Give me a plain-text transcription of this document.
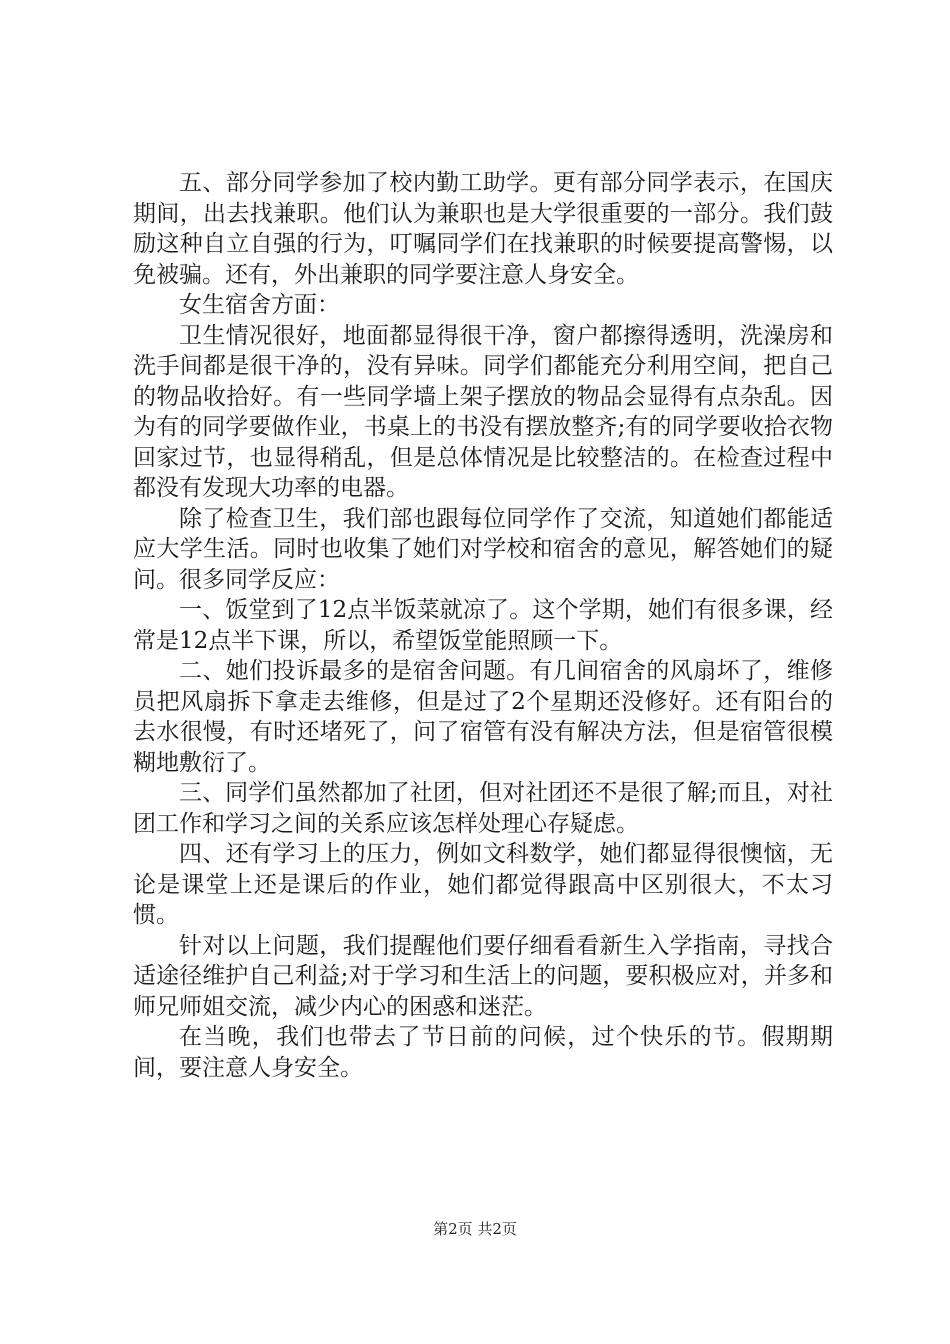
五、部分同学参加了校内勤工助学。更有部分同学表示，在国庆期间，出去找兼职。他们认为兼职也是大学很重要的一部分。我们鼓励这种自立自强的行为，叮嘱同学们在找兼职的时候要提高警惕，以免被骗。还有，外出兼职的同学要注意人身安全。

女生宿舍方面：

卫生情况很好，地面都显得很干净，窗户都擦得透明，洗澡房和洗手间都是很干净的，没有异味。同学们都能充分利用空间，把自己的物品收拾好。有一些同学墙上架子摆放的物品会显得有点杂乱。因为有的同学要做作业，书桌上的书没有摆放整齐;有的同学要收拾衣物回家过节，也显得稍乱，但是总体情况是比较整洁的。在检查过程中都没有发现大功率的电器。

除了检查卫生，我们部也跟每位同学作了交流，知道她们都能适应大学生活。同时也收集了她们对学校和宿舍的意见，解答她们的疑问。很多同学反应：

一、饭堂到了12点半饭菜就凉了。这个学期，她们有很多课，经常是12点半下课，所以，希望饭堂能照顾一下。

二、她们投诉最多的是宿舍问题。有几间宿舍的风扇坏了，维修员把风扇拆下拿走去维修，但是过了2个星期还没修好。还有阳台的去水很慢，有时还堵死了，问了宿管有没有解决方法，但是宿管很模糊地敷衍了。

三、同学们虽然都加了社团，但对社团还不是很了解;而且，对社团工作和学习之间的关系应该怎样处理心存疑虑。

四、还有学习上的压力，例如文科数学，她们都显得很懊恼，无论是课堂上还是课后的作业，她们都觉得跟高中区别很大，不太习惯。

针对以上问题，我们提醒他们要仔细看看新生入学指南，寻找合适途径维护自己利益;对于学习和生活上的问题，要积极应对，并多和师兄师姐交流，减少内心的困惑和迷茫。

在当晚，我们也带去了节日前的问候，过个快乐的节。假期期间，要注意人身安全。

第2页 共2页
